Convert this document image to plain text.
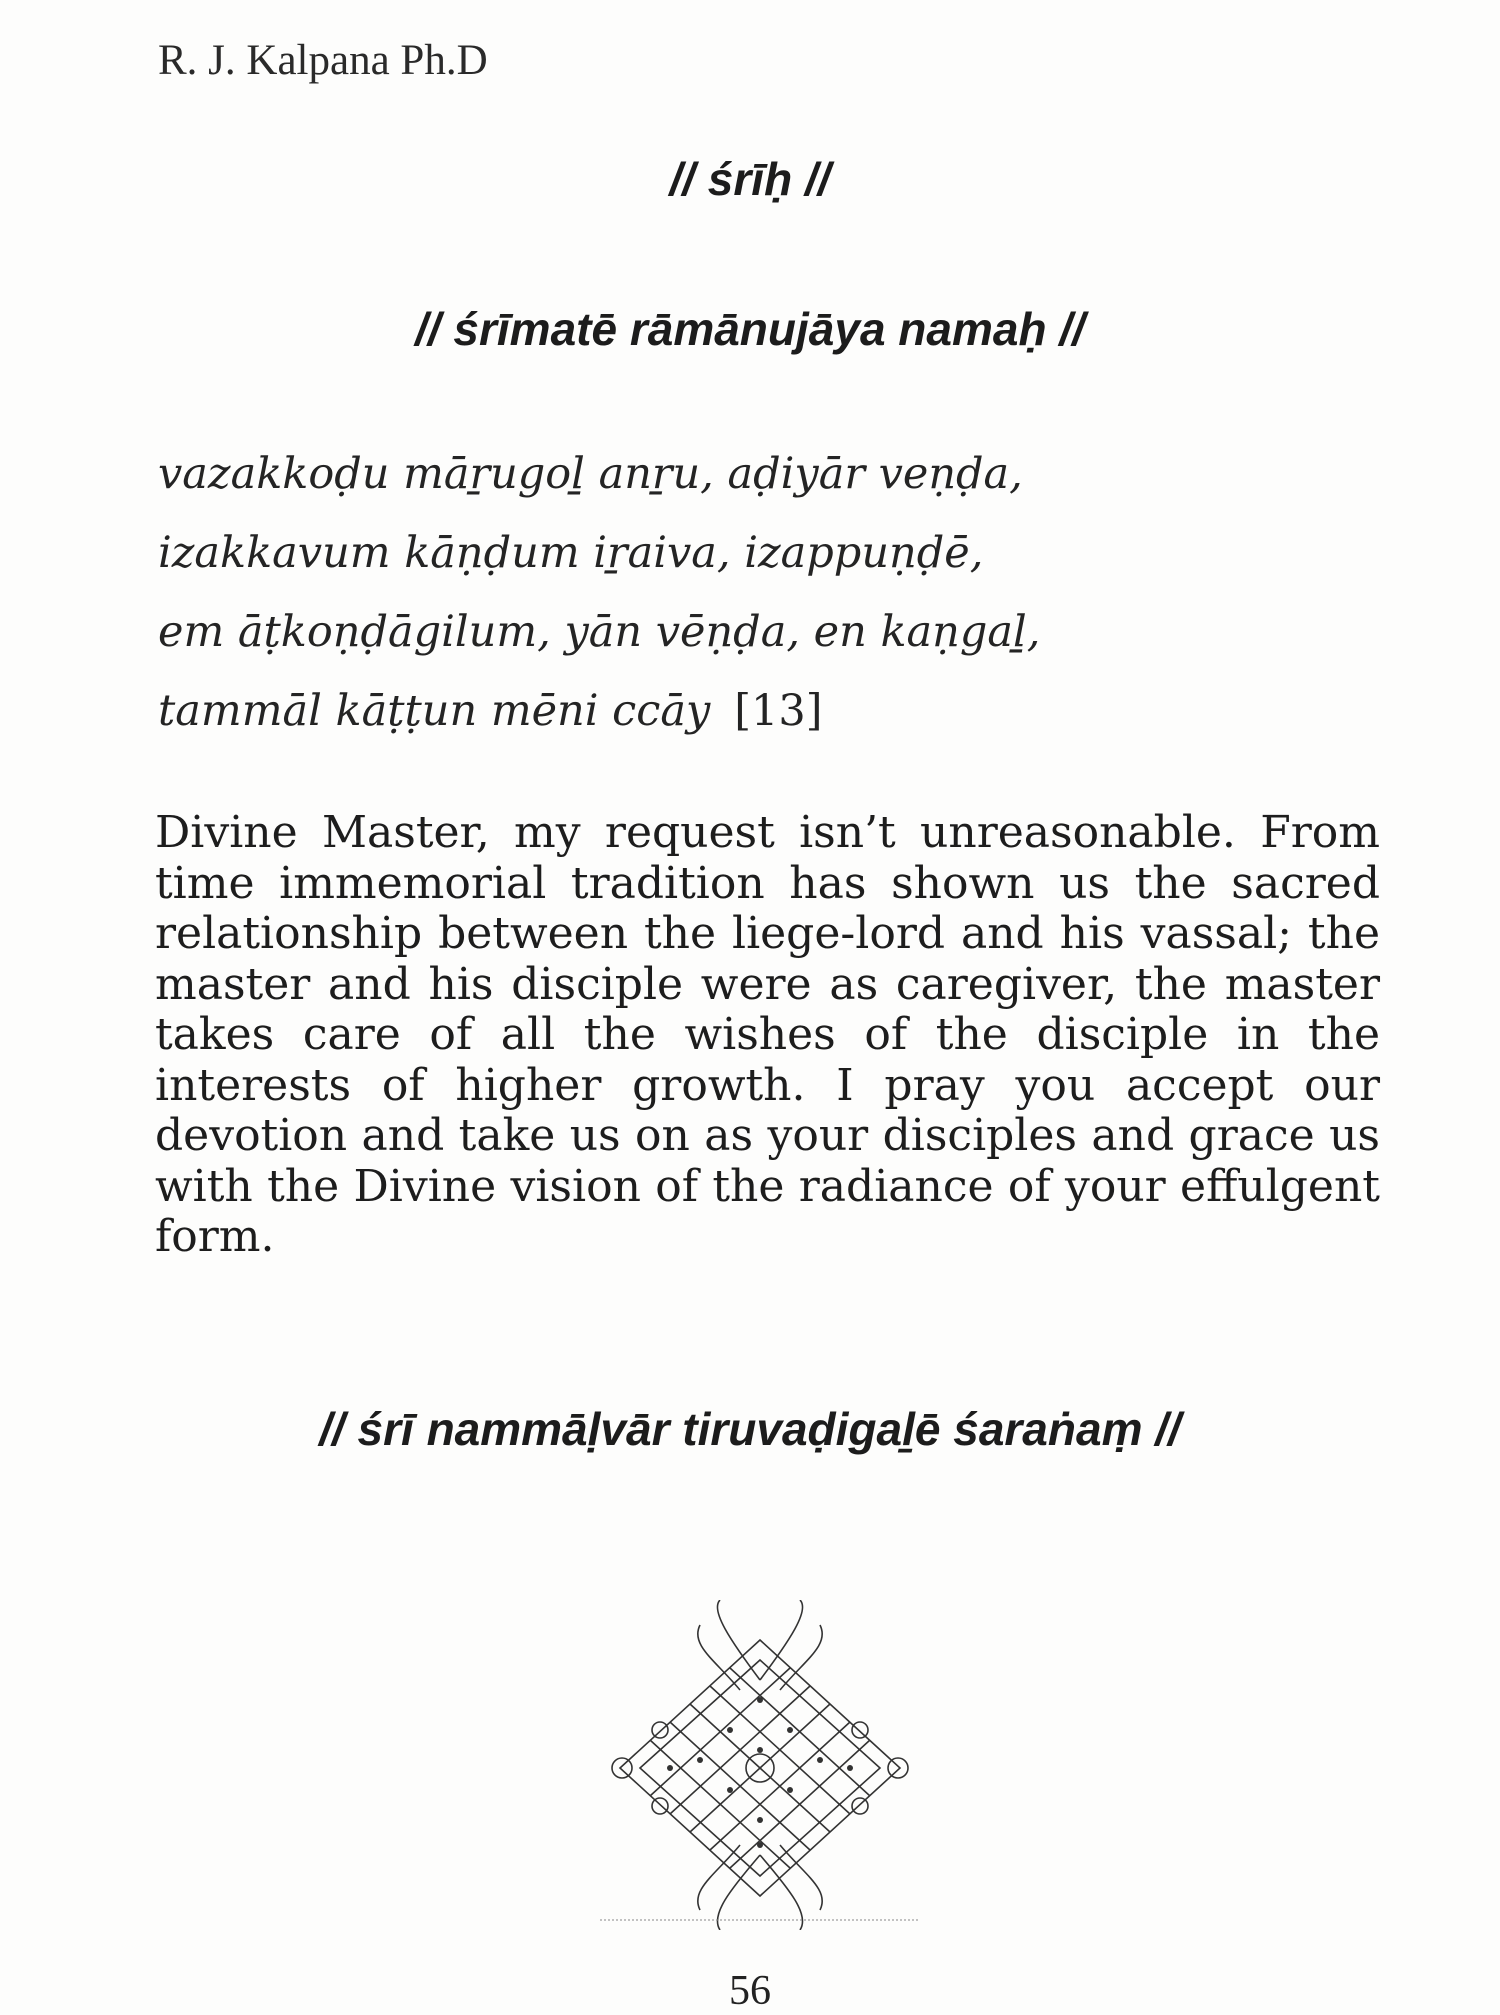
R. J. Kalpana Ph.D
// śrīḥ //
// śrīmatē rāmānujāya namaḥ //
vazakkoḍu māṟugoḻ anṟu, aḍiyār veṇḍa,
izakkavum kāṇḍum iṟaiva, izappuṇḍē,
em āṭkoṇḍāgilum, yān vēṇḍa, en kaṇgaḻ,
tammāl kāṭṭun mēni ccāy [13]

Divine Master, my request isn’t unreasonable. From time immemorial tradition has shown us the sacred relationship between the liege-lord and his vassal; the master and his disciple were as caregiver, the master takes care of all the wishes of the disciple in the interests of higher growth. I pray you accept our devotion and take us on as your disciples and grace us with the Divine vision of the radiance of your effulgent form.

// śrī nammāḷvār tiruvaḍigaḻē śaraṅaṃ //
56
